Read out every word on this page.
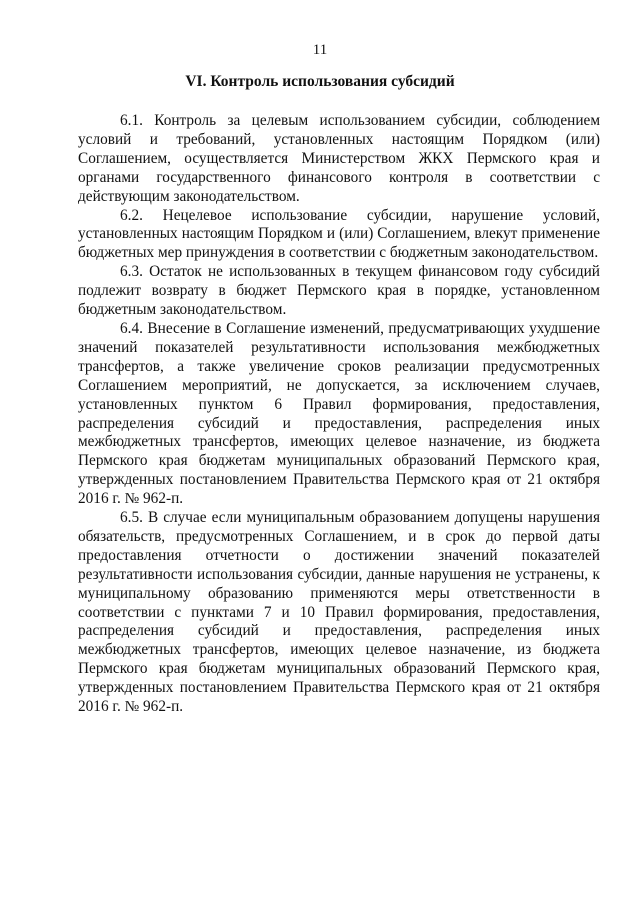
11
VI. Контроль использования субсидий

6.1. Контроль за целевым использованием субсидии, соблюдением условий и требований, установленных настоящим Порядком (или) Соглашением, осуществляется Министерством ЖКХ Пермского края и органами государственного финансового контроля в соответствии с действующим законодательством.

6.2. Нецелевое использование субсидии, нарушение условий, установленных настоящим Порядком и (или) Соглашением, влекут применение бюджетных мер принуждения в соответствии с бюджетным законодательством.

6.3. Остаток не использованных в текущем финансовом году субсидий подлежит возврату в бюджет Пермского края в порядке, установленном бюджетным законодательством.

6.4. Внесение в Соглашение изменений, предусматривающих ухудшение значений показателей результативности использования межбюджетных трансфертов, а также увеличение сроков реализации предусмотренных Соглашением мероприятий, не допускается, за исключением случаев, установленных пунктом 6 Правил формирования, предоставления, распределения субсидий и предоставления, распределения иных межбюджетных трансфертов, имеющих целевое назначение, из бюджета Пермского края бюджетам муниципальных образований Пермского края, утвержденных постановлением Правительства Пермского края от 21 октября 2016 г. № 962-п.

6.5. В случае если муниципальным образованием допущены нарушения обязательств, предусмотренных Соглашением, и в срок до первой даты предоставления отчетности о достижении значений показателей результативности использования субсидии, данные нарушения не устранены, к муниципальному образованию применяются меры ответственности в соответствии с пунктами 7 и 10 Правил формирования, предоставления, распределения субсидий и предоставления, распределения иных межбюджетных трансфертов, имеющих целевое назначение, из бюджета Пермского края бюджетам муниципальных образований Пермского края, утвержденных постановлением Правительства Пермского края от 21 октября 2016 г. № 962-п.
